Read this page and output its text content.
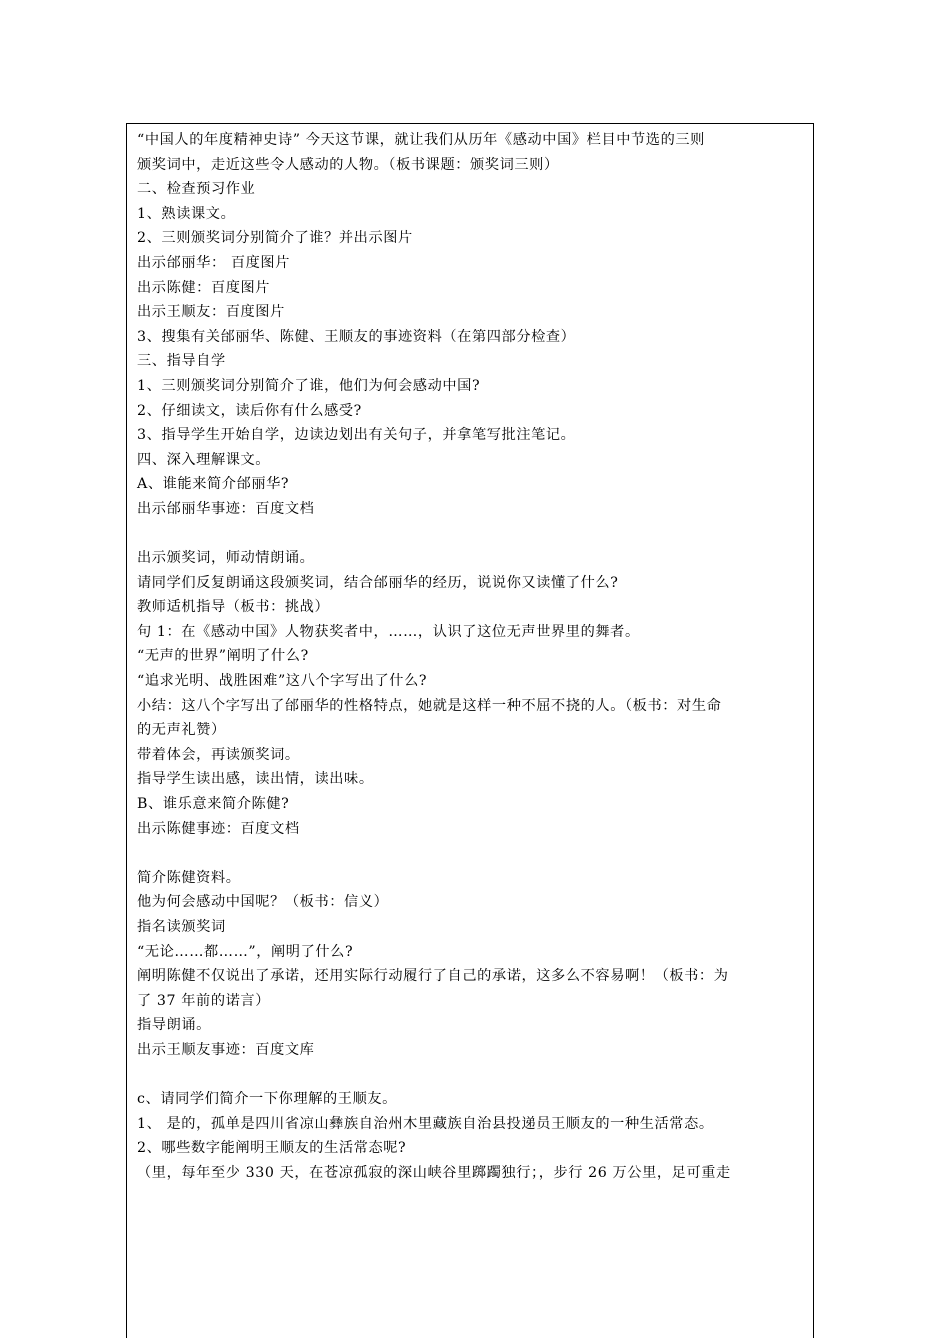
“中国人的年度精神史诗” 今天这节课，就让我们从历年《感动中国》栏目中节选的三则
颁奖词中，走近这些令人感动的人物。（板书课题：颁奖词三则）
二、检查预习作业
1、熟读课文。
2、三则颁奖词分别简介了谁？并出示图片
出示邰丽华： 百度图片
出示陈健：百度图片
出示王顺友：百度图片
3、搜集有关邰丽华、陈健、王顺友的事迹资料（在第四部分检查）
三、指导自学
1、三则颁奖词分别简介了谁，他们为何会感动中国?
2、仔细读文，读后你有什么感受?
3、指导学生开始自学，边读边划出有关句子，并拿笔写批注笔记。
四、深入理解课文。
A、谁能来简介邰丽华?
出示邰丽华事迹：百度文档
出示颁奖词，师动情朗诵。
请同学们反复朗诵这段颁奖词，结合邰丽华的经历，说说你又读懂了什么?
教师适机指导（板书：挑战）
句 1：在《感动中国》人物获奖者中，……，认识了这位无声世界里的舞者。
“无声的世界”阐明了什么?
“追求光明、战胜困难”这八个字写出了什么?
小结：这八个字写出了邰丽华的性格特点，她就是这样一种不屈不挠的人。（板书：对生命
的无声礼赞）
带着体会，再读颁奖词。
指导学生读出感，读出情，读出味。
B、谁乐意来简介陈健?
出示陈健事迹：百度文档
简介陈健资料。
他为何会感动中国呢？（板书：信义）
指名读颁奖词
“无论……都……”，阐明了什么?
阐明陈健不仅说出了承诺，还用实际行动履行了自己的承诺，这多么不容易啊！（板书：为
了 37 年前的诺言）
指导朗诵。
出示王顺友事迹：百度文库
c、请同学们简介一下你理解的王顺友。
1、 是的，孤单是四川省凉山彝族自治州木里藏族自治县投递员王顺友的一种生活常态。
2、哪些数字能阐明王顺友的生活常态呢?
（里，每年至少 330 天，在苍凉孤寂的深山峡谷里踯躅独行；，步行 26 万公里，足可重走
